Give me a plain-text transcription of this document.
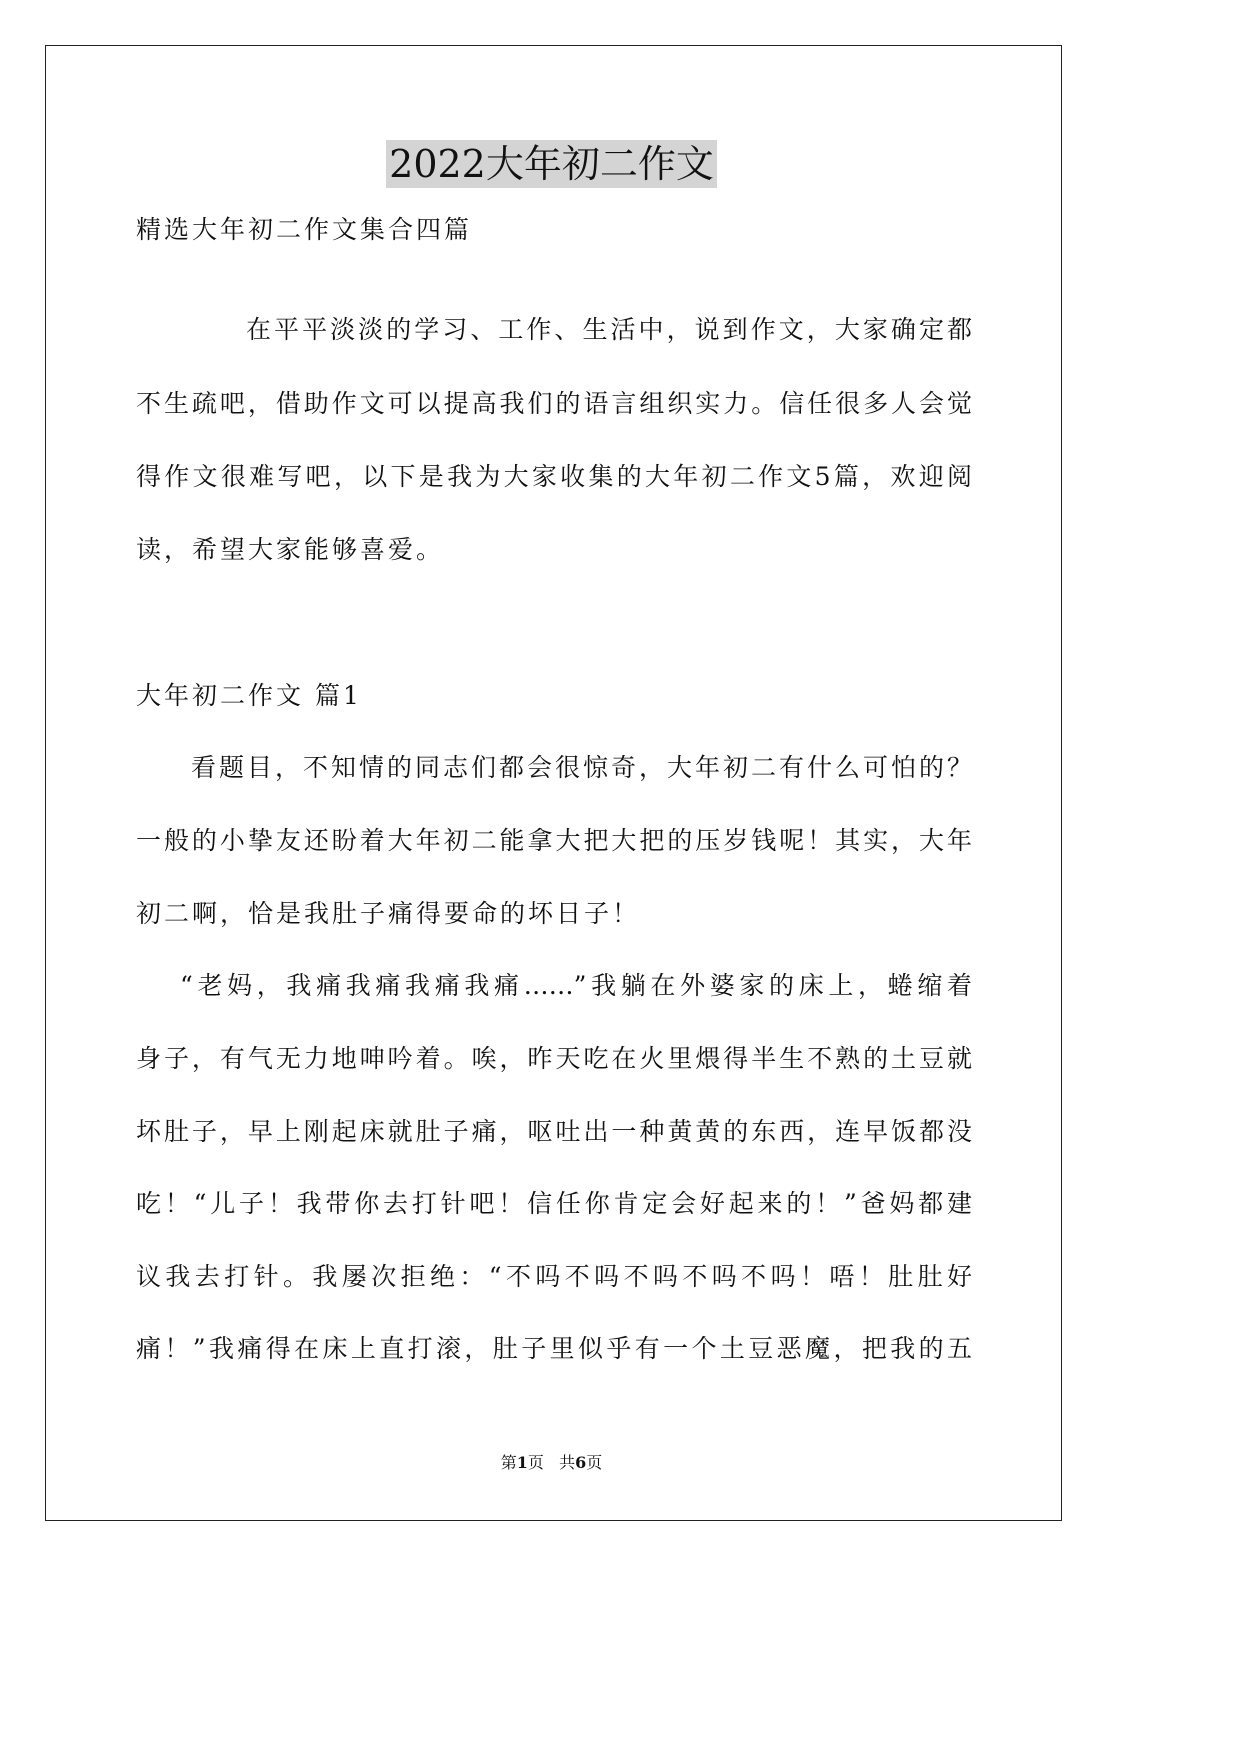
2022大年初二作文
精选大年初二作文集合四篇
在平平淡淡的学习、工作、生活中，说到作文，大家确定都
不生疏吧，借助作文可以提高我们的语言组织实力。信任很多人会觉
得作文很难写吧，以下是我为大家收集的大年初二作文5篇，欢迎阅
读，希望大家能够喜爱。
大年初二作文 篇1
看题目，不知情的同志们都会很惊奇，大年初二有什么可怕的？
一般的小挚友还盼着大年初二能拿大把大把的压岁钱呢！其实，大年
初二啊，恰是我肚子痛得要命的坏日子！
“老妈，我痛我痛我痛我痛……”我躺在外婆家的床上，蜷缩着
身子，有气无力地呻吟着。唉，昨天吃在火里煨得半生不熟的土豆就
坏肚子，早上刚起床就肚子痛，呕吐出一种黄黄的东西，连早饭都没
吃！“儿子！我带你去打针吧！信任你肯定会好起来的！”爸妈都建
议我去打针。我屡次拒绝：“不吗不吗不吗不吗不吗！唔！肚肚好
痛！”我痛得在床上直打滚，肚子里似乎有一个土豆恶魔，把我的五
第1页   共6页
